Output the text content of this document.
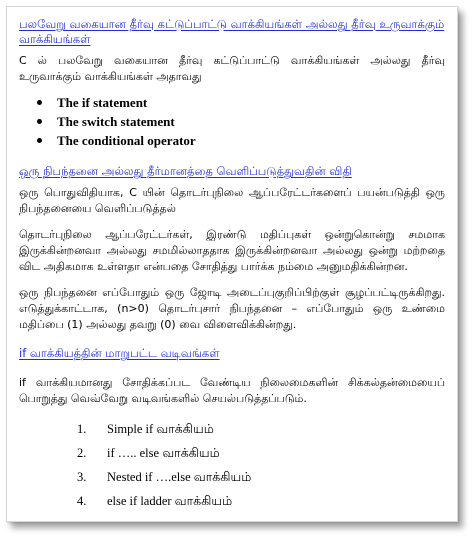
பலவேறு வகையான தீர்வு கட்டுப்பாட்டு வாக்கியங்கள் அல்லது தீர்வு உருவாக்கும் வாக்கியங்கள்

C ல் பலவேறு வகையான தீர்வு கட்டுப்பாட்டு வாக்கியங்கள் அல்லது தீர்வு உருவாக்கும் வாக்கியங்கள் அதாவது

The if statement
The switch statement
The conditional operator

ஒரு நிபந்தனை அல்லது தீர்மானத்தை வெளிப்படுத்துவதின் விதி

ஒரு பொதுவிதியாக, C யின் தொடர்புநிலை ஆப்பரேட்டர்களைப் பயன்படுத்தி ஒரு நிபந்தனையை வெளிப்படுத்தல்

தொடர்புநிலை ஆப்பரேட்டர்கள், இரண்டு மதிப்புகள் ஒன்றுகொன்று சமமாக இருக்கின்றனவா அல்லது சமமில்லாததாக இருக்கின்றனவா அல்லது ஒன்று மற்றதை விட அதிகமாக உள்ளதா என்பதை சோதித்து பார்க்க நம்மை அனுமதிக்கின்றன.

ஒரு நிபந்தனை எப்போதும் ஒரு ஜோடி அடைப்புகுறிப்பிற்குள் சூழப்பட்டிருக்கிறது. எடுத்துக்காட்டாக, (n>0) தொடர்புசார் நிபந்தனை – எப்போதும் ஒரு உண்மை மதிப்பை (1) அல்லது தவறு (0) வை விளைவிக்கின்றது.

if வாக்கியத்தின் மாறுபட்ட வடிவங்கள்

if வாக்கியமானது சோதிக்கப்பட வேண்டிய நிலைமைகளின் சிக்கல்தன்மையைப் பொறுத்து வெவ்வேறு வடிவங்களில் செயல்படுத்தப்படும்.

1.	Simple if வாக்கியம்
2.	if ….. else வாக்கியம்
3.	Nested if ….else வாக்கியம்
4.	else if ladder வாக்கியம்
